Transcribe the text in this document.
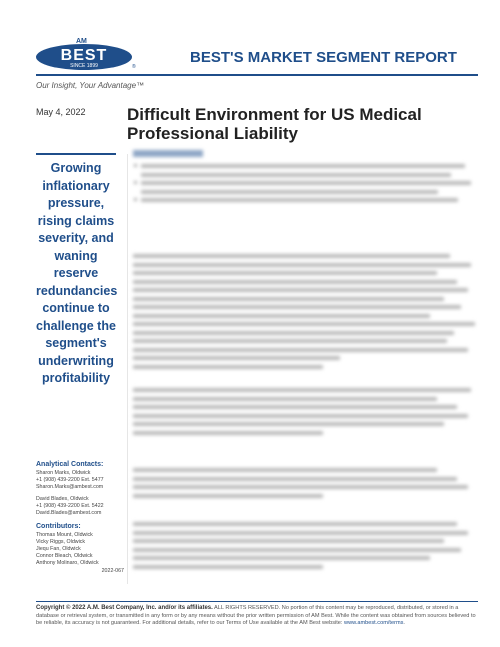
AM
BEST
SINCE 1899	®
BEST'S MARKET SEGMENT REPORT
Our Insight, Your Advantage™
May 4, 2022 Difficult Environment for US Medical Professional Liability
Growing inflationary pressure, rising claims severity, and waning reserve redundancies continue to challenge the segment's underwriting profitability
Analytical Contacts:
Sharon Marks, Oldwick
+1 (908) 439-2200 Ext. 5477
Sharon.Marks@ambest.com
David Blades, Oldwick
+1 (908) 439-2200 Ext. 5422
David.Blades@ambest.com
Contributors:
Thomas Mount, Oldwick
Vicky Riggs, Oldwick
Jiequ Fan, Oldwick
Connor Bleach, Oldwick
Anthony Molinaro, Oldwick
2022-067
Copyright © 2022 A.M. Best Company, Inc. and/or its affiliates. ALL RIGHTS RESERVED. No portion of this content may be reproduced, distributed, or stored in a database or retrieval system, or transmitted in any form or by any means without the prior written permission of AM Best. While the content was obtained from sources believed to be reliable, its accuracy is not guaranteed. For additional details, refer to our Terms of Use available at the AM Best website: www.ambest.com/terms.
